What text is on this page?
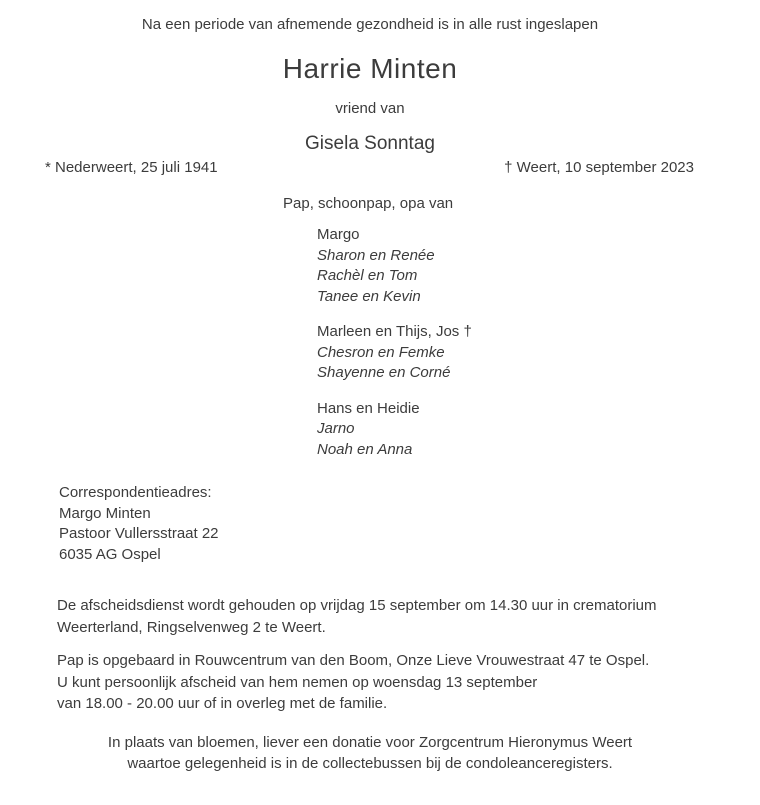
Na een periode van afnemende gezondheid is in alle rust ingeslapen

Harrie Minten

vriend van

Gisela Sonntag

* Nederweert, 25 juli 1941	† Weert, 10 september 2023

Pap, schoonpap, opa van

Margo
Sharon en Renée
Rachèl en Tom
Tanee en Kevin
Marleen en Thijs, Jos †
Chesron en Femke
Shayenne en Corné
Hans en Heidie
Jarno
Noah en Anna
Correspondentieadres:
Margo Minten
Pastoor Vullersstraat 22
6035 AG Ospel
De afscheidsdienst wordt gehouden op vrijdag 15 september om 14.30 uur in crematorium
Weerterland, Ringselvenweg 2 te Weert.
Pap is opgebaard in Rouwcentrum van den Boom, Onze Lieve Vrouwestraat 47 te Ospel.
U kunt persoonlijk afscheid van hem nemen op woensdag 13 september
van 18.00 - 20.00 uur of in overleg met de familie.
In plaats van bloemen, liever een donatie voor Zorgcentrum Hieronymus Weert
waartoe gelegenheid is in de collectebussen bij de condoleanceregisters.
